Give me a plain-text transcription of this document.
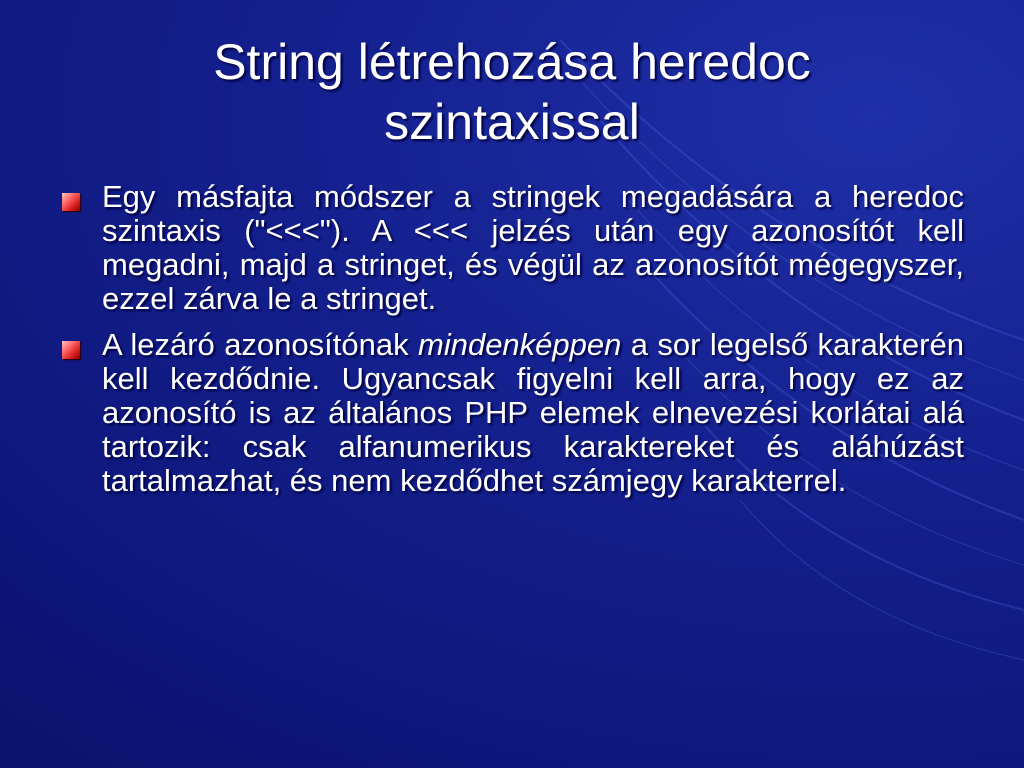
String létrehozása heredoc szintaxissal
Egy másfajta módszer a stringek megadására a heredoc szintaxis ("<<<"). A <<< jelzés után egy azonosítót kell megadni, majd a stringet, és végül az azonosítót mégegyszer, ezzel zárva le a stringet.
A lezáró azonosítónak mindenképpen a sor legelső karakterén kell kezdődnie. Ugyancsak figyelni kell arra, hogy ez az azonosító is az általános PHP elemek elnevezési korlátai alá tartozik: csak alfanumerikus karaktereket és aláhúzást tartalmazhat, és nem kezdődhet számjegy karakterrel.
